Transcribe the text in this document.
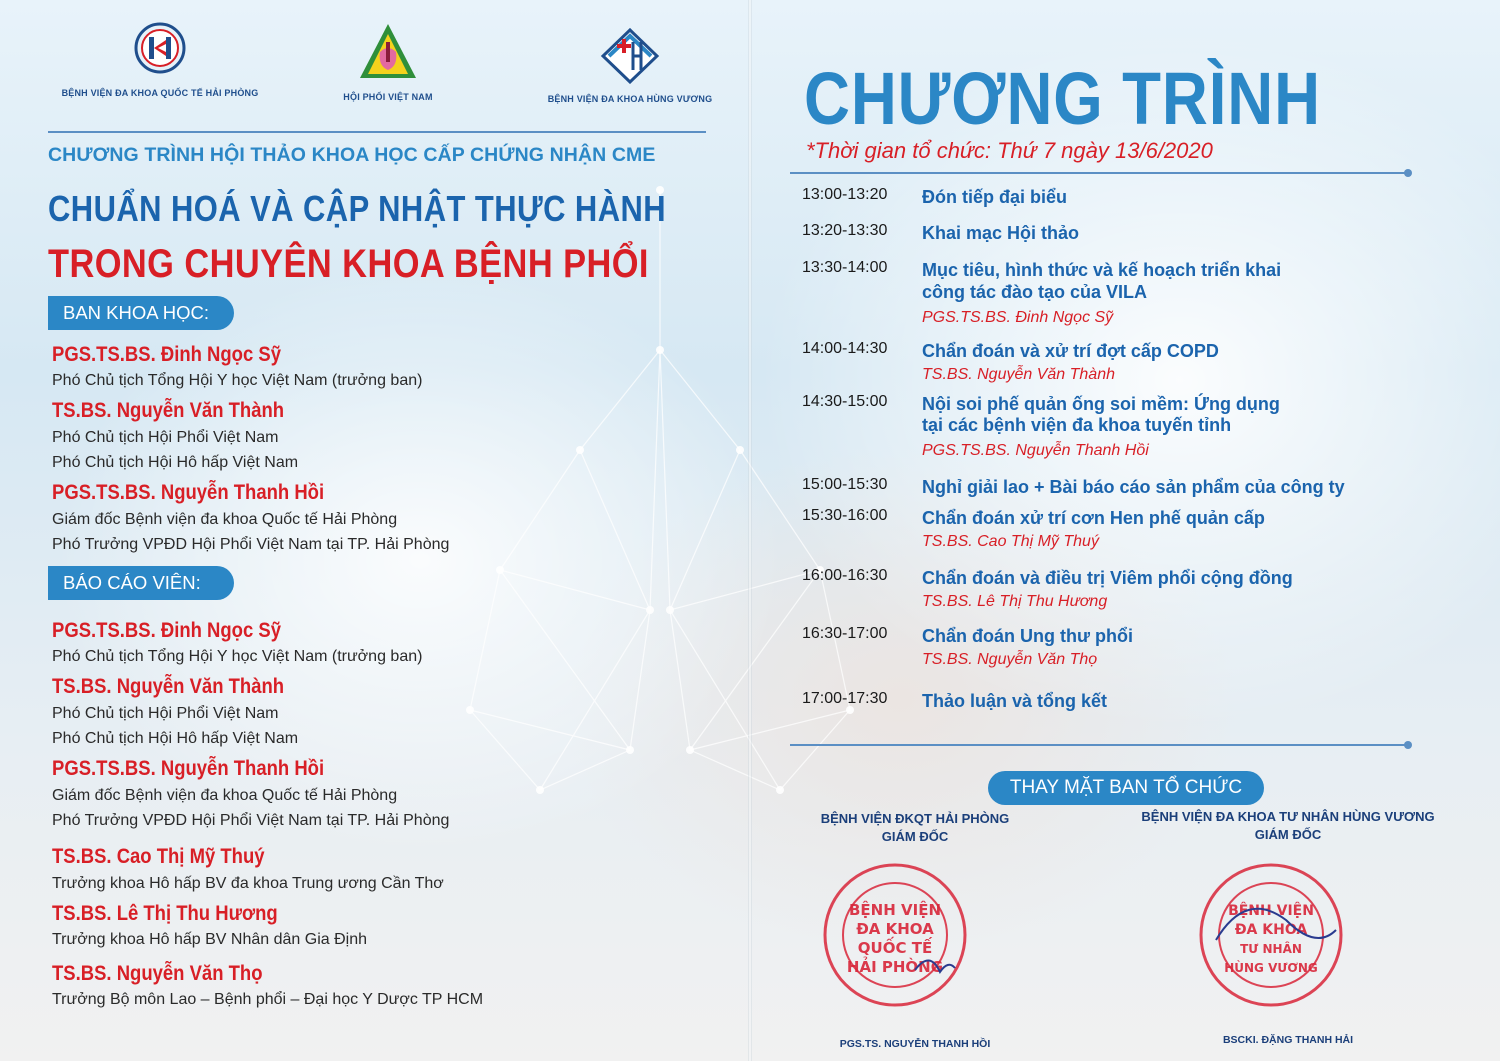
BỆNH VIỆN ĐA KHOA QUỐC TẾ HẢI PHÒNG	HỘI PHỔI VIỆT NAM	BỆNH VIỆN ĐA KHOA HÙNG VƯƠNG
CHƯƠNG TRÌNH HỘI THẢO KHOA HỌC CẤP CHỨNG NHẬN CME
CHUẨN HOÁ VÀ CẬP NHẬT THỰC HÀNH
TRONG CHUYÊN KHOA BỆNH PHỔI
BAN KHOA HỌC:
PGS.TS.BS. Đinh Ngọc Sỹ
Phó Chủ tịch Tổng Hội Y học Việt Nam (trưởng ban)
TS.BS. Nguyễn Văn Thành
Phó Chủ tịch Hội Phổi Việt Nam
Phó Chủ tịch Hội Hô hấp Việt Nam
PGS.TS.BS. Nguyễn Thanh Hồi
Giám đốc Bệnh viện đa khoa Quốc tế Hải Phòng
Phó Trưởng VPĐD Hội Phổi Việt Nam tại TP. Hải Phòng
BÁO CÁO VIÊN:
PGS.TS.BS. Đinh Ngọc Sỹ
Phó Chủ tịch Tổng Hội Y học Việt Nam (trưởng ban)
TS.BS. Nguyễn Văn Thành
Phó Chủ tịch Hội Phổi Việt Nam
Phó Chủ tịch Hội Hô hấp Việt Nam
PGS.TS.BS. Nguyễn Thanh Hồi
Giám đốc Bệnh viện đa khoa Quốc tế Hải Phòng
Phó Trưởng VPĐD Hội Phổi Việt Nam tại TP. Hải Phòng
TS.BS. Cao Thị Mỹ Thuý
Trưởng khoa Hô hấp BV đa khoa Trung ương Cần Thơ
TS.BS. Lê Thị Thu Hương
Trưởng khoa Hô hấp BV Nhân dân Gia Định
TS.BS. Nguyễn Văn Thọ
Trưởng Bộ môn Lao – Bệnh phổi – Đại học Y Dược TP HCM
CHƯƠNG TRÌNH
*Thời gian tổ chức: Thứ 7 ngày 13/6/2020
13:00-13:20	Đón tiếp đại biểu
13:20-13:30	Khai mạc Hội thảo
13:30-14:00	Mục tiêu, hình thức và kế hoạch triển khai
công tác đào tạo của VILA
PGS.TS.BS. Đinh Ngọc Sỹ
14:00-14:30	Chẩn đoán và xử trí đợt cấp COPD
TS.BS. Nguyễn Văn Thành
14:30-15:00	Nội soi phế quản ống soi mềm: Ứng dụng
tại các bệnh viện đa khoa tuyến tỉnh
PGS.TS.BS. Nguyễn Thanh Hồi
15:00-15:30	Nghỉ giải lao + Bài báo cáo sản phẩm của công ty
15:30-16:00	Chẩn đoán xử trí cơn Hen phế quản cấp
TS.BS. Cao Thị Mỹ Thuý
16:00-16:30	Chẩn đoán và điều trị Viêm phổi cộng đồng
TS.BS. Lê Thị Thu Hương
16:30-17:00	Chẩn đoán Ung thư phổi
TS.BS. Nguyễn Văn Thọ
17:00-17:30	Thảo luận và tổng kết
THAY MẶT BAN TỔ CHỨC
BỆNH VIỆN ĐKQT HẢI PHÒNG
GIÁM ĐỐC
BỆNH VIỆN ĐA KHOA TƯ NHÂN HÙNG VƯƠNG
GIÁM ĐỐC
BỆNH VIỆN
ĐA KHOA
QUỐC TẾ
HẢI PHÒNG
BỆNH VIỆN
ĐA KHOA
TƯ NHÂN
HÙNG VƯƠNG
PGS.TS. NGUYỄN THANH HỒI	BSCKI. ĐẶNG THANH HẢI
